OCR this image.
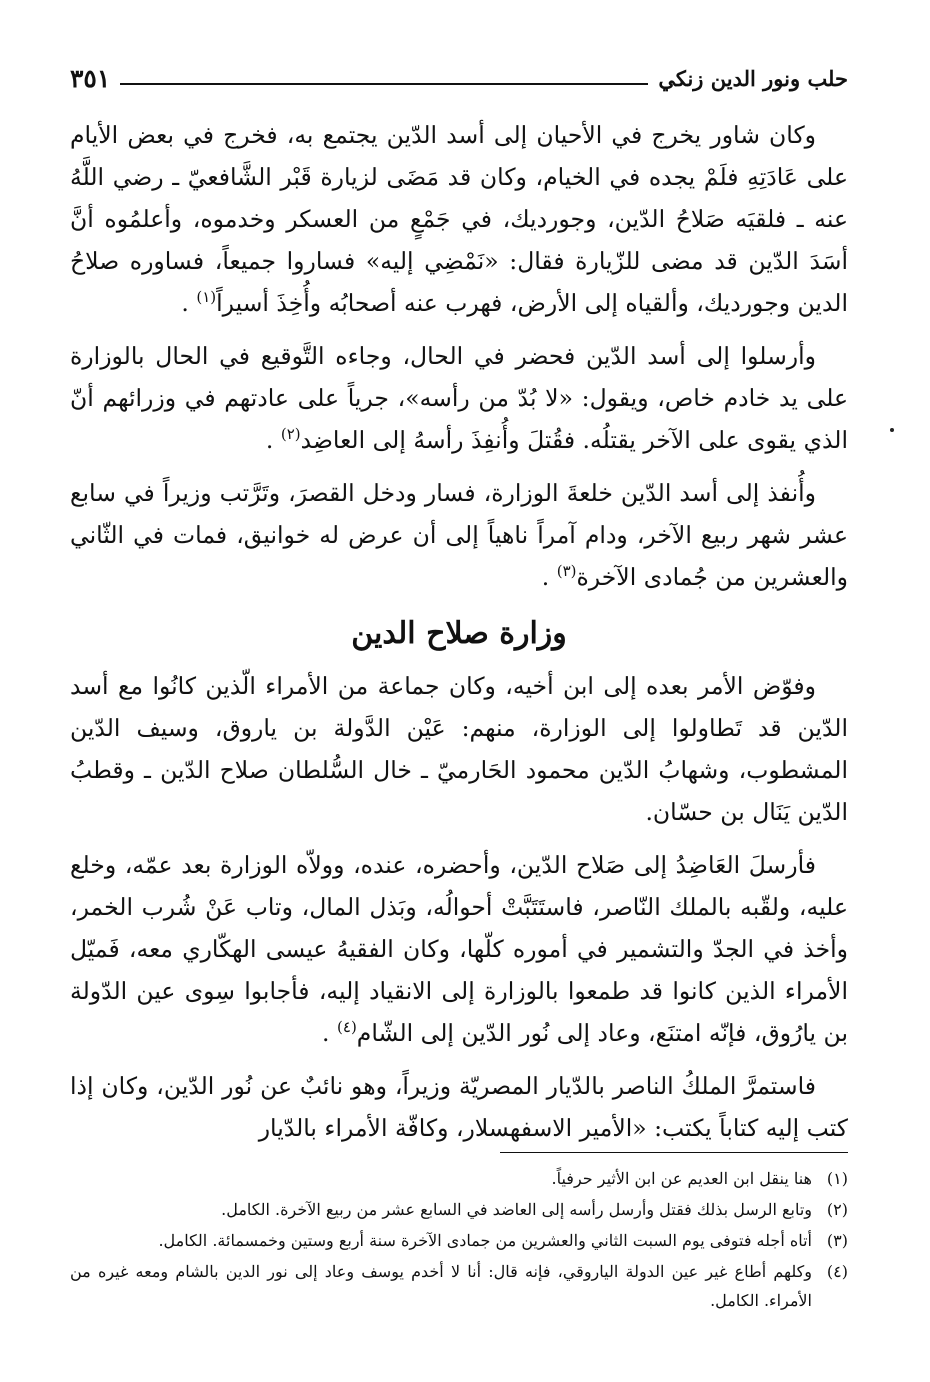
حلب ونور الدين زنكي
٣٥١

وكان شاور يخرج في الأحيان إلى أسد الدّين يجتمع به، فخرج في بعض الأيام على عَادَتِهِ فلَمْ يجده في الخيام، وكان قد مَضَى لزيارة قَبْر الشَّافعيّ ـ رضي اللَّهُ عنه ـ فلقيَه صَلاحُ الدّين، وجورديك، في جَمْعٍ من العسكر وخدموه، وأعلمُوه أنَّ أسَدَ الدّين قد مضى للزّيارة فقال: «نَمْضِي إليه» فساروا جميعاً، فساوره صلاحُ الدين وجورديك، وألقياه إلى الأرض، فهرب عنه أصحابُه وأُخِذَ أسيراً$^{(١)}$ .

وأرسلوا إلى أسد الدّين فحضر في الحال، وجاءه التَّوقيع في الحال بالوزارة على يد خادم خاص، ويقول: «لا بُدّ من رأسه»، جرياً على عادتهم في وزرائهم أنّ الذي يقوى على الآخر يقتلُه. فقُتلَ وأُنفِذَ رأسهُ إلى العاضِد$^{(٢)}$ .

وأُنفذ إلى أسد الدّين خلعةَ الوزارة، فسار ودخل القصرَ، وتَرَّتب وزيراً في سابع عشر شهر ربيع الآخر، ودام آمراً ناهياً إلى أن عرض له خوانيق، فمات في الثّاني والعشرين من جُمادى الآخرة$^{(٣)}$ .

وزارة صلاح الدين

وفوّض الأمر بعده إلى ابن أخيه، وكان جماعة من الأمراء الّذين كانُوا مع أسد الدّين قد تَطاولوا إلى الوزارة، منهم: عَيْن الدَّولة بن ياروق، وسيف الدّين المشطوب، وشهابُ الدّين محمود الحَارميّ ـ خال السُّلطان صلاح الدّين ـ وقطبُ الدّين يَنَال بن حسّان.

فأرسلَ العَاضِدُ إلى صَلاح الدّين، وأحضره، عنده، وولاّه الوزارة بعد عمّه، وخلع عليه، ولقّبه بالملك النّاصر، فاستَتَبَّتْ أحوالُه، وبَذل المال، وتاب عَنْ شُرب الخمر، وأخذ في الجدّ والتشمير في أموره كلّها، وكان الفقيهُ عيسى الهكّاري معه، فَميّل الأمراء الذين كانوا قد طمعوا بالوزارة إلى الانقياد إليه، فأجابوا سِوى عين الدّولة بن يارُوق، فإنّه امتنَع، وعاد إلى نُور الدّين إلى الشّام$^{(٤)}$ .

فاستمرَّ الملكُ الناصر بالدّيار المصريّة وزيراً، وهو نائبٌ عن نُور الدّين، وكان إذا كتب إليه كتاباً يكتب: «الأمير الاسفهسلار، وكافّة الأمراء بالدّيار

(١)
هنا ينقل ابن العديم عن ابن الأثير حرفياً.
(٢)
وتابع الرسل بذلك فقتل وأرسل رأسه إلى العاضد في السابع عشر من ربيع الآخرة. الكامل.
(٣)
أتاه أجله فتوفى يوم السبت الثاني والعشرين من جمادى الآخرة سنة أربع وستين وخمسمائة. الكامل.
(٤)
وكلهم أطاع غير عين الدولة الياروقي، فإنه قال: أنا لا أخدم يوسف وعاد إلى نور الدين بالشام ومعه غيره من الأمراء. الكامل.
